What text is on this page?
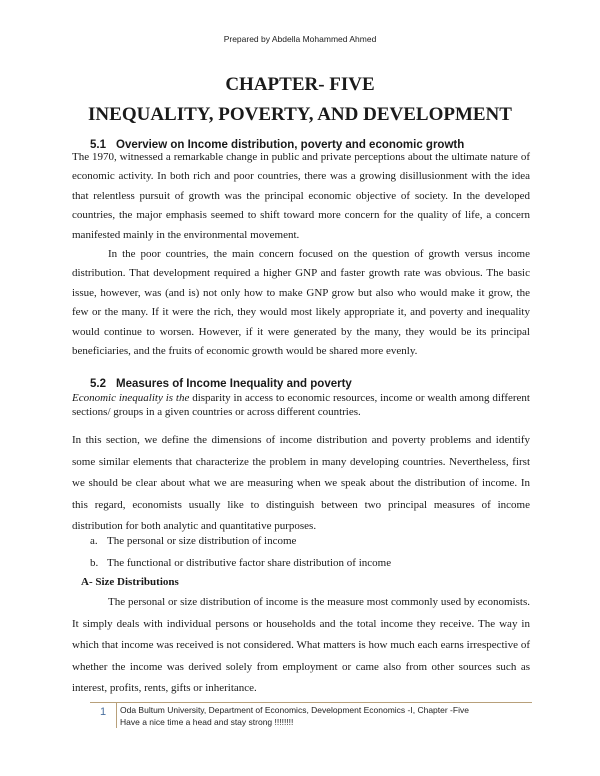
Prepared by Abdella Mohammed Ahmed
CHAPTER- FIVE
INEQUALITY, POVERTY, AND DEVELOPMENT
5.1 Overview on Income distribution, poverty and economic growth

The 1970, witnessed a remarkable change in public and private perceptions about the ultimate nature of economic activity. In both rich and poor countries, there was a growing disillusionment with the idea that relentless pursuit of growth was the principal economic objective of society. In the developed countries, the major emphasis seemed to shift toward more concern for the quality of life, a concern manifested mainly in the environmental movement.

In the poor countries, the main concern focused on the question of growth versus income distribution. That development required a higher GNP and faster growth rate was obvious. The basic issue, however, was (and is) not only how to make GNP grow but also who would make it grow, the few or the many. If it were the rich, they would most likely appropriate it, and poverty and inequality would continue to worsen. However, if it were generated by the many, they would be its principal beneficiaries, and the fruits of economic growth would be shared more evenly.

5.2 Measures of Income Inequality and poverty

Economic inequality is the disparity in access to economic resources, income or wealth among different sections/ groups in a given countries or across different countries.

In this section, we define the dimensions of income distribution and poverty problems and identify some similar elements that characterize the problem in many developing countries. Nevertheless, first we should be clear about what we are measuring when we speak about the distribution of income. In this regard, economists usually like to distinguish between two principal measures of income distribution for both analytic and quantitative purposes.

a. The personal or size distribution of income
b. The functional or distributive factor share distribution of income
A- Size Distributions

The personal or size distribution of income is the measure most commonly used by economists. It simply deals with individual persons or households and the total income they receive. The way in which that income was received is not considered. What matters is how much each earns irrespective of whether the income was derived solely from employment or came also from other sources such as interest, profits, rents, gifts or inheritance.

1 Oda Bultum University, Department of Economics, Development Economics -I, Chapter -Five
Have a nice time a head and stay strong !!!!!!!!
